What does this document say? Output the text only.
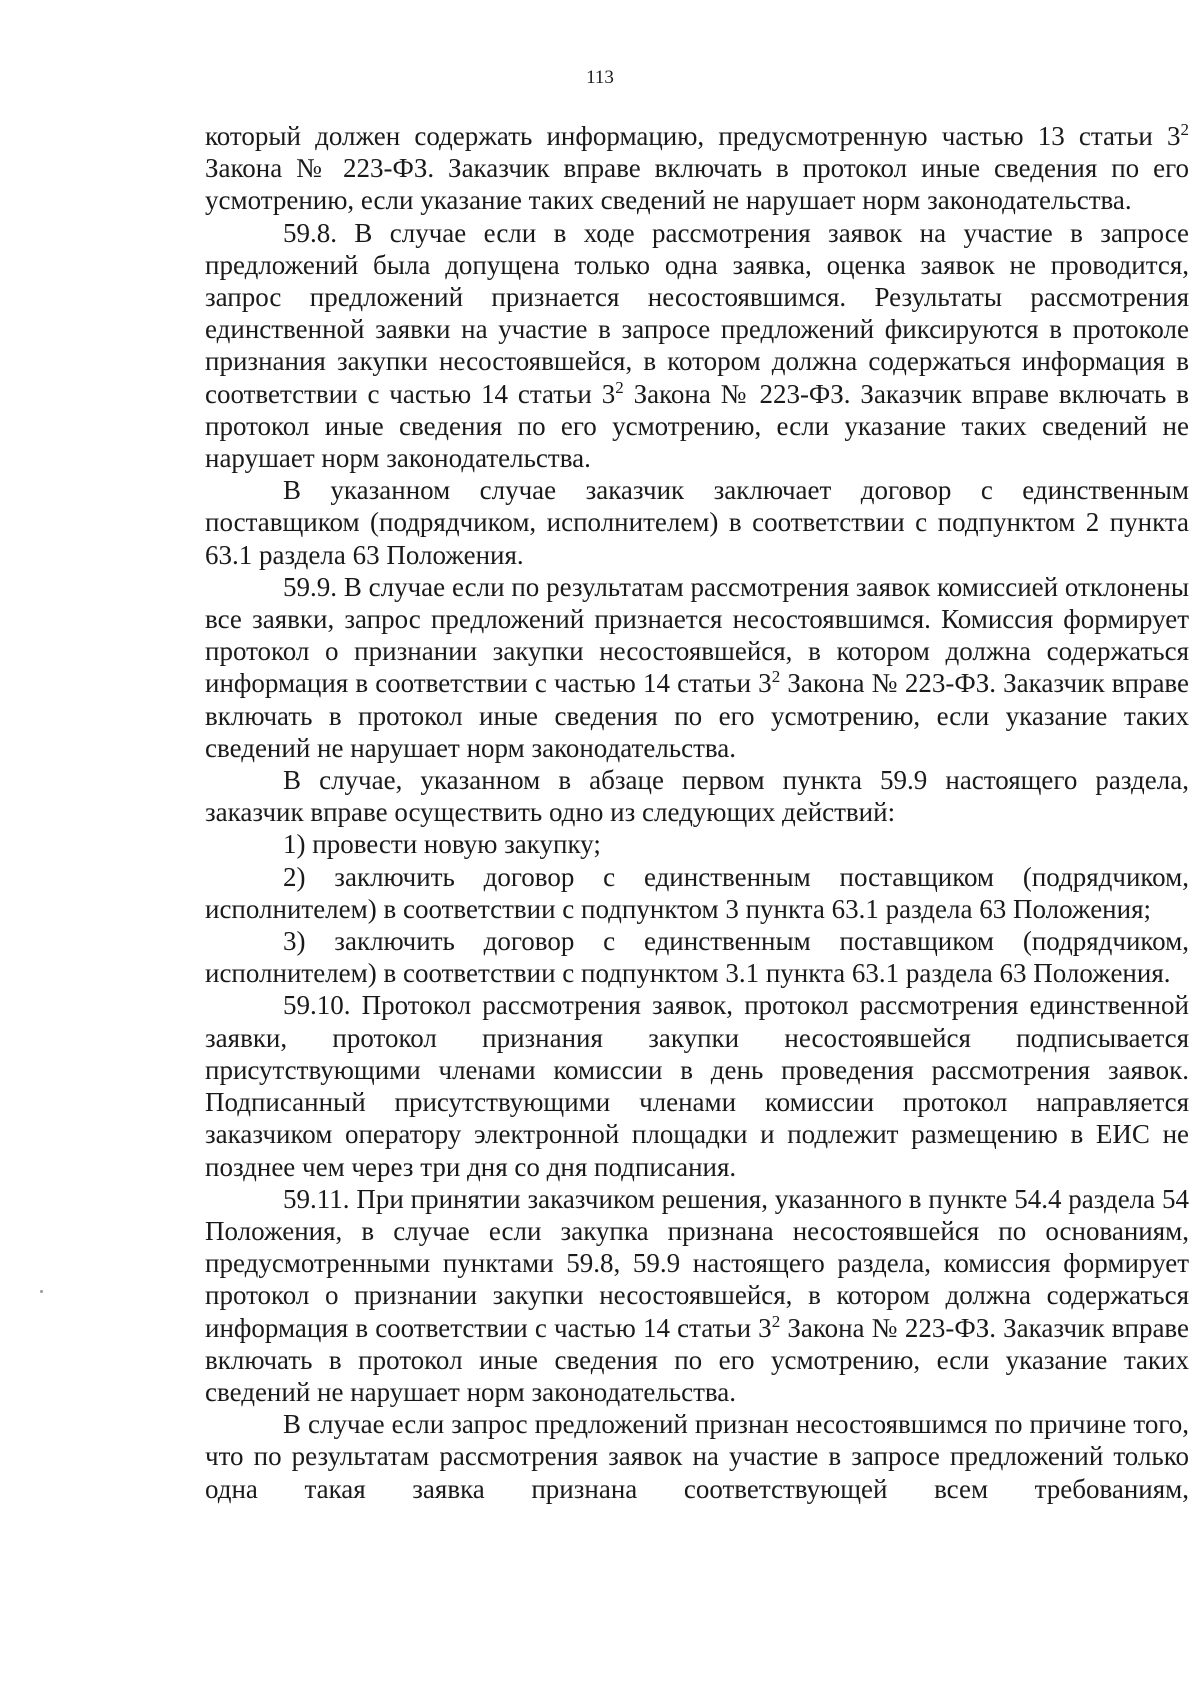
113

который должен содержать информацию, предусмотренную частью 13 статьи $3^2$ Закона № 223-ФЗ. Заказчик вправе включать в протокол иные сведения по его усмотрению, если указание таких сведений не нарушает норм законодательства.

59.8. В случае если в ходе рассмотрения заявок на участие в запросе предложений была допущена только одна заявка, оценка заявок не проводится, запрос предложений признается несостоявшимся. Результаты рассмотрения единственной заявки на участие в запросе предложений фиксируются в протоколе признания закупки несостоявшейся, в котором должна содержаться информация в соответствии с частью 14 статьи $3^2$ Закона № 223-ФЗ. Заказчик вправе включать в протокол иные сведения по его усмотрению, если указание таких сведений не нарушает норм законодательства.

В указанном случае заказчик заключает договор с единственным поставщиком (подрядчиком, исполнителем) в соответствии с подпунктом 2 пункта 63.1 раздела 63 Положения.

59.9. В случае если по результатам рассмотрения заявок комиссией отклонены все заявки, запрос предложений признается несостоявшимся. Комиссия формирует протокол о признании закупки несостоявшейся, в котором должна содержаться информация в соответствии с частью 14 статьи $3^2$ Закона № 223-ФЗ. Заказчик вправе включать в протокол иные сведения по его усмотрению, если указание таких сведений не нарушает норм законодательства.

В случае, указанном в абзаце первом пункта 59.9 настоящего раздела, заказчик вправе осуществить одно из следующих действий:

1) провести новую закупку;

2) заключить договор с единственным поставщиком (подрядчиком, исполнителем) в соответствии с подпунктом 3 пункта 63.1 раздела 63 Положения;

3) заключить договор с единственным поставщиком (подрядчиком, исполнителем) в соответствии с подпунктом 3.1 пункта 63.1 раздела 63 Положения.

59.10. Протокол рассмотрения заявок, протокол рассмотрения единственной заявки, протокол признания закупки несостоявшейся подписывается присутствующими членами комиссии в день проведения рассмотрения заявок. Подписанный присутствующими членами комиссии протокол направляется заказчиком оператору электронной площадки и подлежит размещению в ЕИС не позднее чем через три дня со дня подписания.

59.11. При принятии заказчиком решения, указанного в пункте 54.4 раздела 54 Положения, в случае если закупка признана несостоявшейся по основаниям, предусмотренными пунктами 59.8, 59.9 настоящего раздела, комиссия формирует протокол о признании закупки несостоявшейся, в котором должна содержаться информация в соответствии с частью 14 статьи $3^2$ Закона № 223-ФЗ. Заказчик вправе включать в протокол иные сведения по его усмотрению, если указание таких сведений не нарушает норм законодательства.

В случае если запрос предложений признан несостоявшимся по причине того, что по результатам рассмотрения заявок на участие в запросе предложений только одна такая заявка признана соответствующей всем требованиям,
